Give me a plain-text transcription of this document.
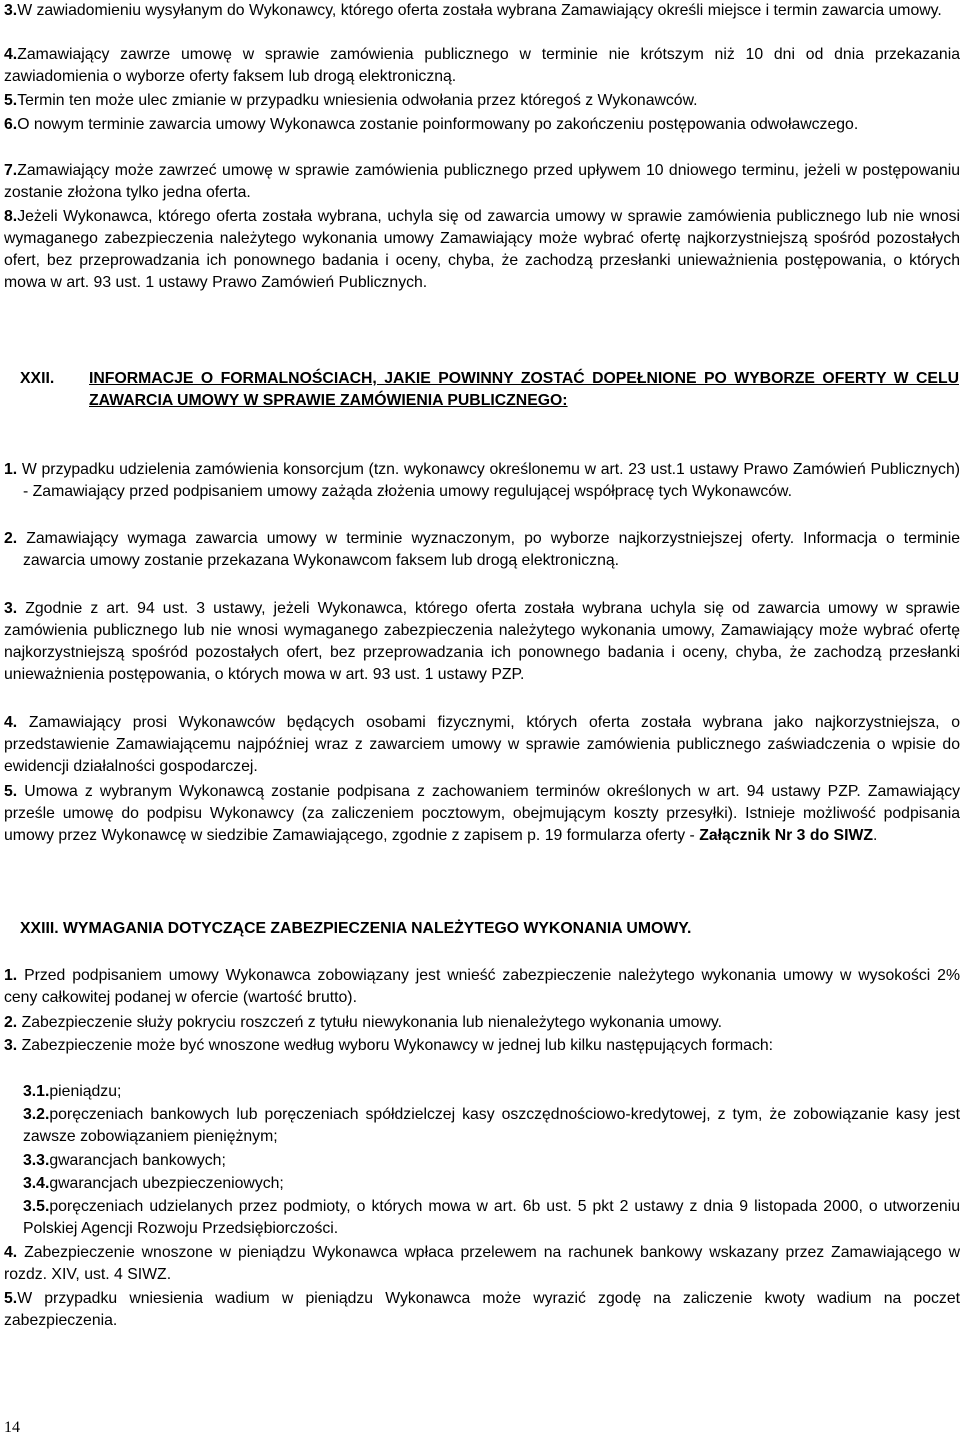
3.W zawiadomieniu wysyłanym do Wykonawcy, którego oferta została wybrana Zamawiający określi miejsce i termin zawarcia umowy.

4.Zamawiający zawrze umowę w sprawie zamówienia publicznego w terminie nie krótszym niż 10 dni od dnia przekazania zawiadomienia o wyborze oferty faksem lub drogą elektroniczną.

5.Termin ten może ulec zmianie w przypadku wniesienia odwołania przez któregoś z Wykonawców.

6.O nowym terminie zawarcia umowy Wykonawca zostanie poinformowany po zakończeniu postępowania odwoławczego.

7.Zamawiający może zawrzeć umowę w sprawie zamówienia publicznego przed upływem 10 dniowego terminu, jeżeli w postępowaniu zostanie złożona tylko jedna oferta.

8.Jeżeli Wykonawca, którego oferta została wybrana, uchyla się od zawarcia umowy w sprawie zamówienia publicznego lub nie wnosi wymaganego zabezpieczenia należytego wykonania umowy Zamawiający może wybrać ofertę najkorzystniejszą spośród pozostałych ofert, bez przeprowadzania ich ponownego badania i oceny, chyba, że zachodzą przesłanki unieważnienia postępowania, o których mowa w art. 93 ust. 1 ustawy Prawo Zamówień Publicznych.

XXII. INFORMACJE O FORMALNOŚCIACH, JAKIE POWINNY ZOSTAĆ DOPEŁNIONE PO WYBORZE OFERTY W CELU ZAWARCIA UMOWY W SPRAWIE ZAMÓWIENIA PUBLICZNEGO:

1. W przypadku udzielenia zamówienia konsorcjum (tzn. wykonawcy określonemu w art. 23 ust.1 ustawy Prawo Zamówień Publicznych) - Zamawiający przed podpisaniem umowy zażąda złożenia umowy regulującej współpracę tych Wykonawców.

2. Zamawiający wymaga zawarcia umowy w terminie wyznaczonym, po wyborze najkorzystniejszej oferty. Informacja o terminie zawarcia umowy zostanie przekazana Wykonawcom faksem lub drogą elektroniczną.

3. Zgodnie z art. 94 ust. 3 ustawy, jeżeli Wykonawca, którego oferta została wybrana uchyla się od zawarcia umowy w sprawie zamówienia publicznego lub nie wnosi wymaganego zabezpieczenia należytego wykonania umowy, Zamawiający może wybrać ofertę najkorzystniejszą spośród pozostałych ofert, bez przeprowadzania ich ponownego badania i oceny, chyba, że zachodzą przesłanki unieważnienia postępowania, o których mowa w art. 93 ust. 1 ustawy PZP.

4. Zamawiający prosi Wykonawców będących osobami fizycznymi, których oferta została wybrana jako najkorzystniejsza, o przedstawienie Zamawiającemu najpóźniej wraz z zawarciem umowy w sprawie zamówienia publicznego zaświadczenia o wpisie do ewidencji działalności gospodarczej.

5. Umowa z wybranym Wykonawcą zostanie podpisana z zachowaniem terminów określonych w art. 94 ustawy PZP. Zamawiający prześle umowę do podpisu Wykonawcy (za zaliczeniem pocztowym, obejmującym koszty przesyłki). Istnieje możliwość podpisania umowy przez Wykonawcę w siedzibie Zamawiającego, zgodnie z zapisem p. 19 formularza oferty - Załącznik Nr 3 do SIWZ.

XXIII. WYMAGANIA DOTYCZĄCE ZABEZPIECZENIA NALEŻYTEGO WYKONANIA UMOWY.

1. Przed podpisaniem umowy Wykonawca zobowiązany jest wnieść zabezpieczenie należytego wykonania umowy w wysokości 2% ceny całkowitej podanej w ofercie (wartość brutto).

2. Zabezpieczenie służy pokryciu roszczeń z tytułu niewykonania lub nienależytego wykonania umowy.

3. Zabezpieczenie może być wnoszone według wyboru Wykonawcy w jednej lub kilku następujących formach:

3.1.pieniądzu;

3.2.poręczeniach bankowych lub poręczeniach spółdzielczej kasy oszczędnościowo-kredytowej, z tym, że zobowiązanie kasy jest zawsze zobowiązaniem pieniężnym;

3.3.gwarancjach bankowych;

3.4.gwarancjach ubezpieczeniowych;

3.5.poręczeniach udzielanych przez podmioty, o których mowa w art. 6b ust. 5 pkt 2 ustawy z dnia 9 listopada 2000, o utworzeniu Polskiej Agencji Rozwoju Przedsiębiorczości.

4. Zabezpieczenie wnoszone w pieniądzu Wykonawca wpłaca przelewem na rachunek bankowy wskazany przez Zamawiającego w rozdz. XIV, ust. 4 SIWZ.

5.W przypadku wniesienia wadium w pieniądzu Wykonawca może wyrazić zgodę na zaliczenie kwoty wadium na poczet zabezpieczenia.

14
